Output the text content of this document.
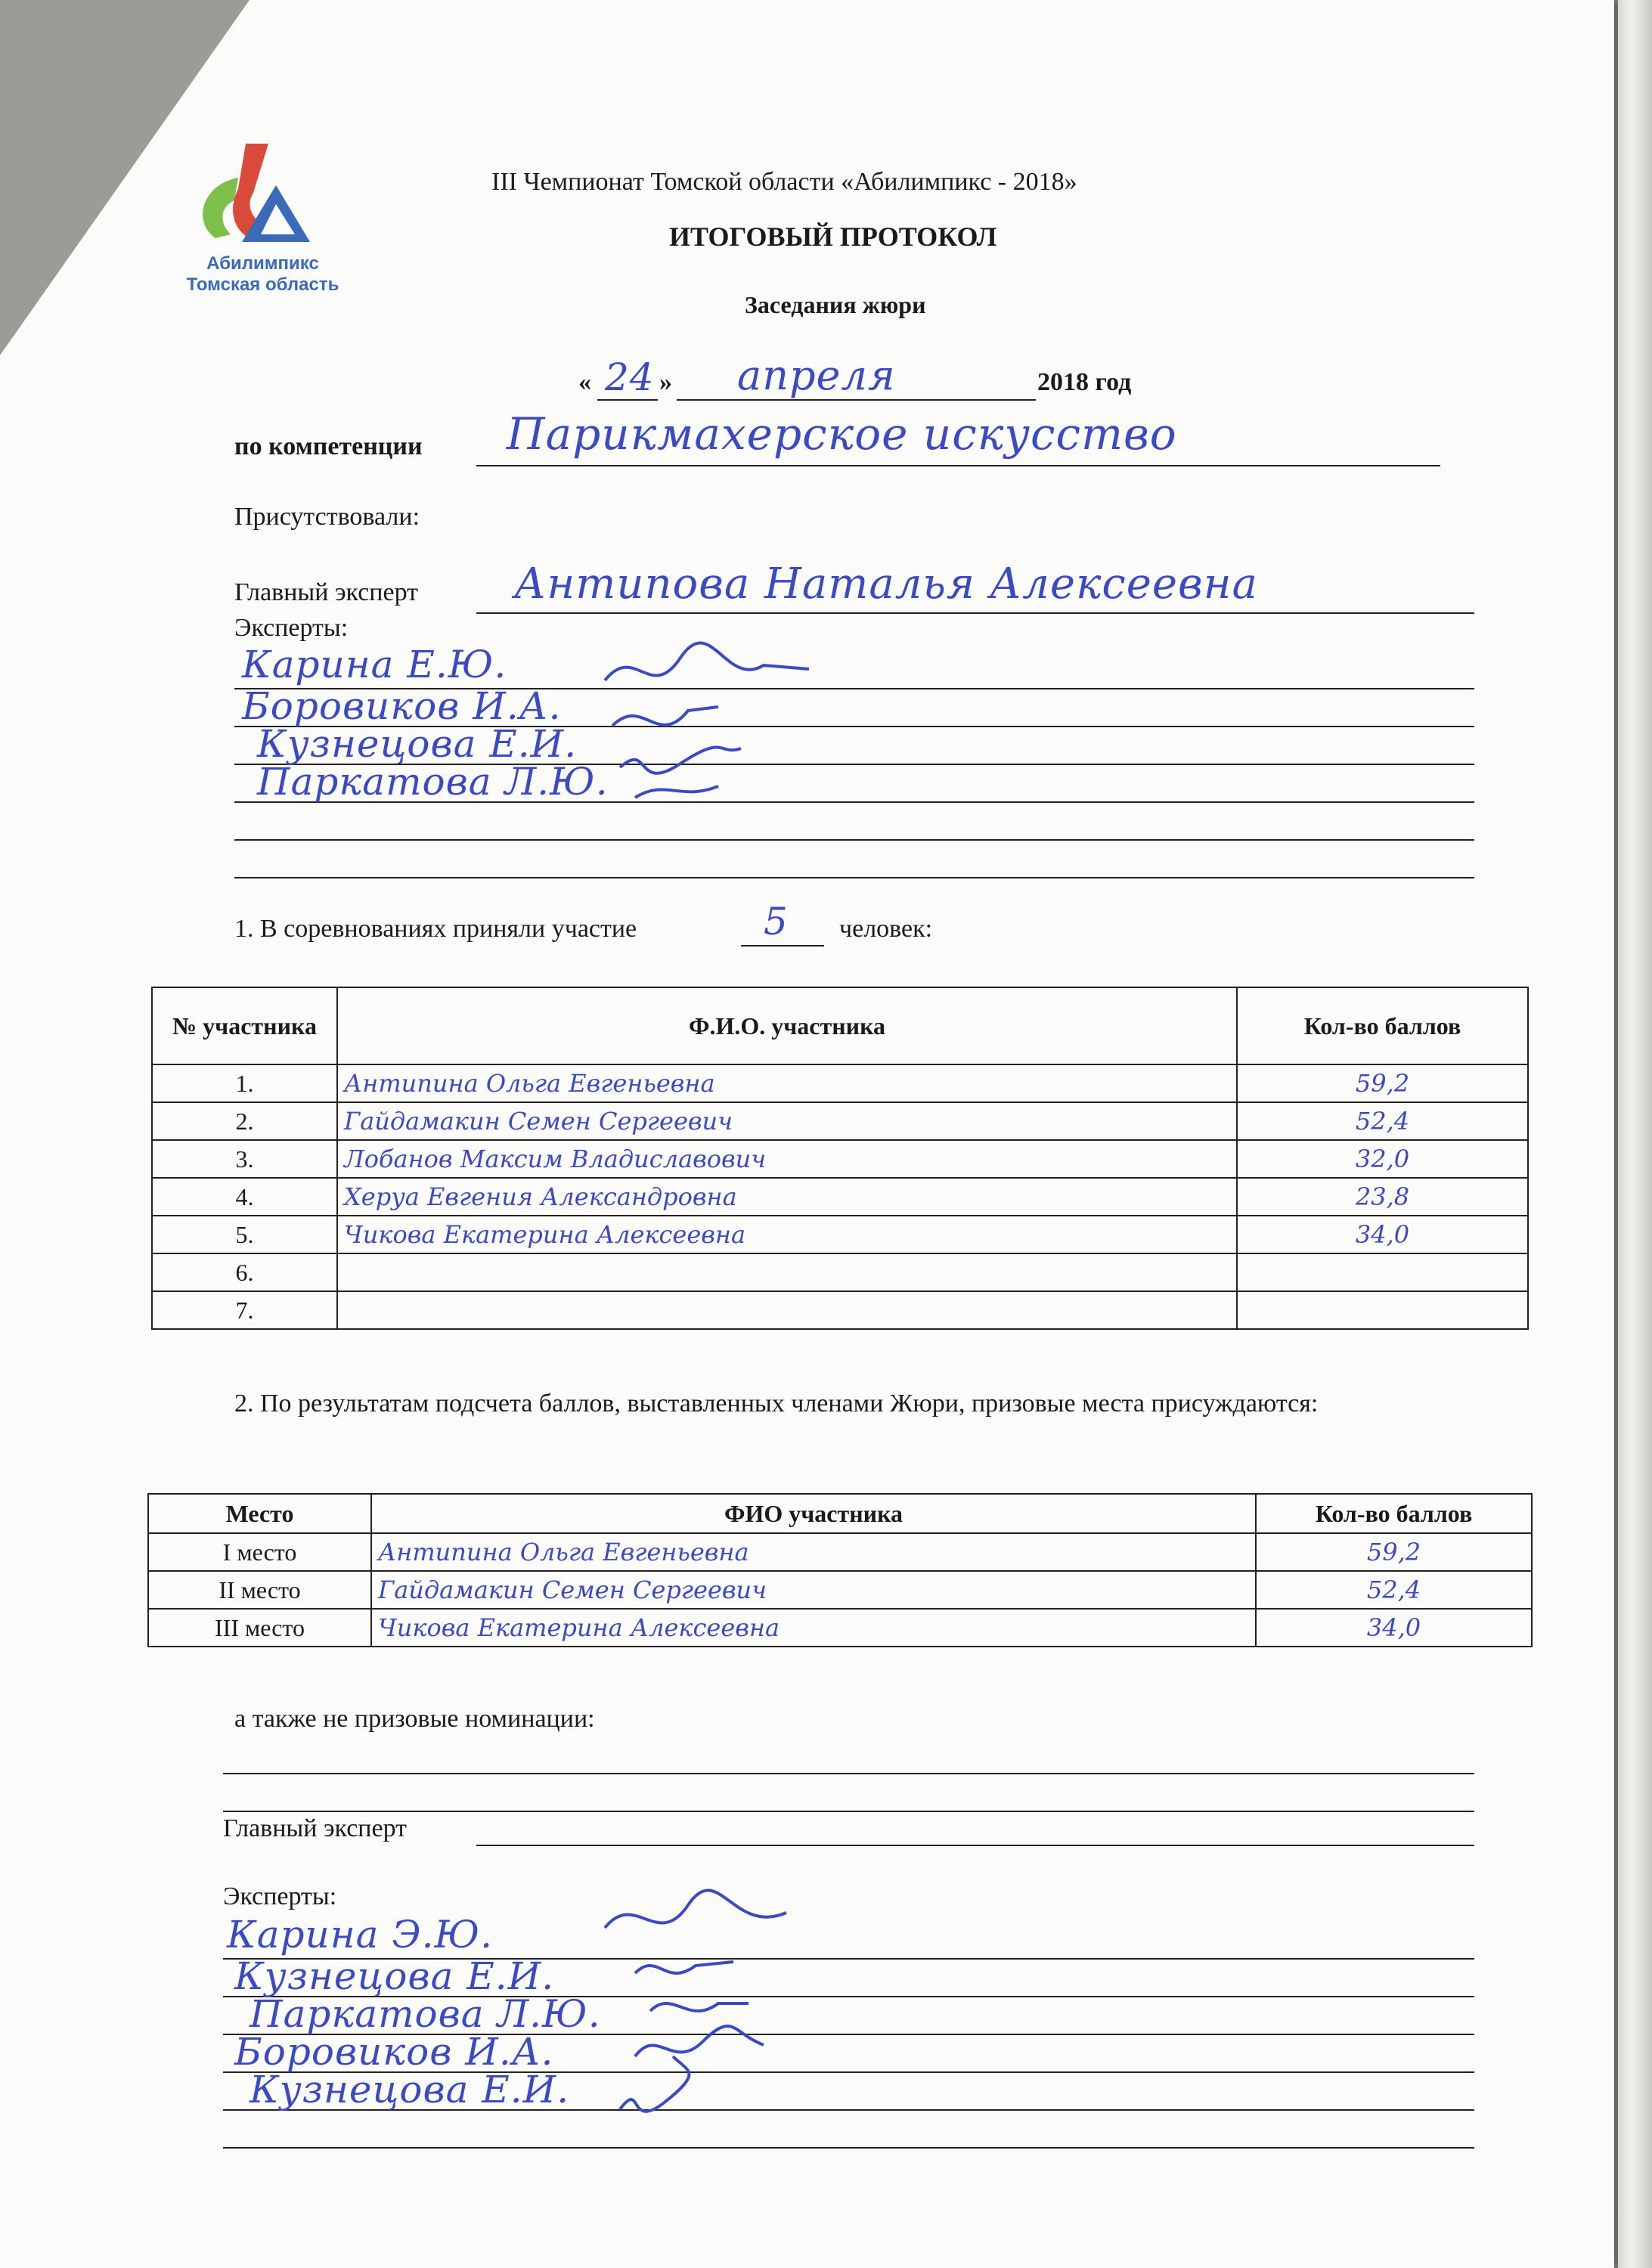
Абилимпикс
Томская область
III Чемпионат Томской области «Абилимпикс - 2018»
ИТОГОВЫЙ ПРОТОКОЛ
Заседания жюри
« 24 » апреля	2018 год
по компетенции Парикмахерское искусство
Присутствовали:
Главный эксперт Антипова Наталья Алексеевна
Эксперты:
Карина Е.Ю.
Боровиков И.А.
Кузнецова Е.И.
Паркатова Л.Ю.
1. В соревнованиях приняли участие	5 человек:
№ участника	Ф.И.О. участника	Кол-во баллов
1.	Антипина Ольга Евгеньевна	59,2
2.	Гайдамакин Семен Сергеевич	52,4
3.	Лобанов Максим Владиславович	32,0
4.	Херуа Евгения Александровна	23,8
5.	Чикова Екатерина Алексеевна	34,0
6.		
7.		
2. По результатам подсчета баллов, выставленных членами Жюри, призовые места присуждаются:
Место	ФИО участника	Кол-во баллов
I место	Антипина Ольга Евгеньевна	59,2
II место	Гайдамакин Семен Сергеевич	52,4
III место	Чикова Екатерина Алексеевна	34,0
а также не призовые номинации:
Главный эксперт
Эксперты:
Карина Э.Ю.
Кузнецова Е.И.
Паркатова Л.Ю.
Боровиков И.А.
Кузнецова Е.И.
